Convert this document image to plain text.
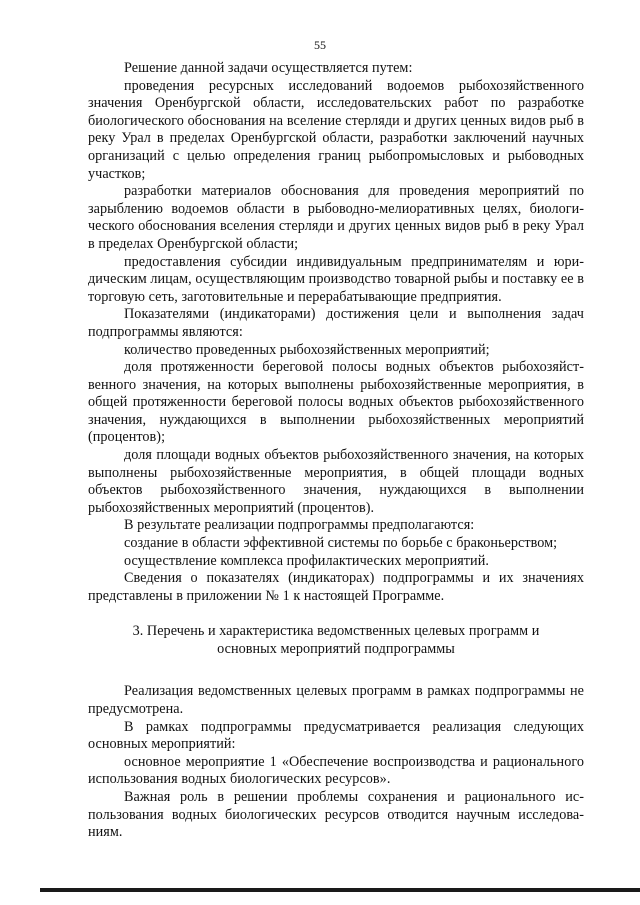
55

Решение данной задачи осуществляется путем:

проведения ресурсных исследований водоемов рыбохозяйственного значения Оренбургской области, исследовательских работ по разработке биологического обоснования на вселение стерляди и других ценных видов рыб в реку Урал в пределах Оренбургской области, разработки заключений научных организаций с целью определения границ рыбопромысловых и рыбоводных участков;

разработки материалов обоснования для проведения мероприятий по зарыблению водоемов области в рыбоводно-мелиоративных целях, биологического обоснования вселения стерляди и других ценных видов рыб в реку Урал в пределах Оренбургской области;

предоставления субсидии индивидуальным предпринимателям и юридическим лицам, осуществляющим производство товарной рыбы и поставку ее в торговую сеть, заготовительные и перерабатывающие предприятия.

Показателями (индикаторами) достижения цели и выполнения задач подпрограммы являются:

количество проведенных рыбохозяйственных мероприятий;

доля протяженности береговой полосы водных объектов рыбохозяйственного значения, на которых выполнены рыбохозяйственные мероприятия, в общей протяженности береговой полосы водных объектов рыбохозяйственного значения, нуждающихся в выполнении рыбохозяйственных мероприятий (процентов);

доля площади водных объектов рыбохозяйственного значения, на которых выполнены рыбохозяйственные мероприятия, в общей площади водных объектов рыбохозяйственного значения, нуждающихся в выполнении рыбохозяйственных мероприятий (процентов).

В результате реализации подпрограммы предполагаются:

создание в области эффективной системы по борьбе с браконьерством;

осуществление комплекса профилактических мероприятий.

Сведения о показателях (индикаторах) подпрограммы и их значениях представлены в приложении № 1 к настоящей Программе.

3. Перечень и характеристика ведомственных целевых программ и
основных мероприятий подпрограммы

Реализация ведомственных целевых программ в рамках подпрограммы не предусмотрена.

В рамках подпрограммы предусматривается реализация следующих основных мероприятий:

основное мероприятие 1 «Обеспечение воспроизводства и рационального использования водных биологических ресурсов».

Важная роль в решении проблемы сохранения и рационального использования водных биологических ресурсов отводится научным исследованиям.
